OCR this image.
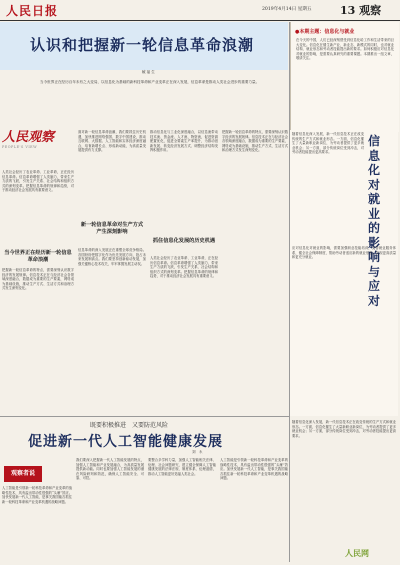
人民日报	2019年4月14日 星期五	13 观察
认识和把握新一轮信息革命浪潮
臧 福 生
当今世界正在经历百年未有之大变局，以信息化为基础的新科技革命和产业变革正在深入发展，信息革命是推动人类社会进步的重要力量。
●本期主题：信息化与就业
在今天的中国，人们已经深刻感受到信息化给工作和生活带来的巨大变化。信息化在催生新产业、新业态、新模式的同时，也对就业结构、就业形态和劳动者技能提出新的要求。如何积极应对信息化对就业的影响，是需要认真研究的重要课题。本期推出一组文章，敬请关注。
人民观察
PEOPLE'S VIEW
人类社会经历了农业革命、工业革命，正在经历信息革命。信息革命增强了人类脑力，带来生产力质的飞跃，引发生产关系、社会结构和组织方式的深刻变革。把握信息革命的规律和趋势，对于推动经济社会发展具有重要意义。
当今世界正在经历新一轮信息革命浪潮
把握新一轮信息革命的特点，需要深刻认识数字经济的发展规律。信息技术正在与经济社会各领域深度融合，数据成为重要的生产要素，网络成为基础设施，推动生产方式、生活方式和治理方式发生深刻变化。
面对新一轮信息革命浪潮，我们要抓住历史机遇，加快推进网络强国、数字中国建设，推动互联网、大数据、人工智能和实体经济深度融合，培育新增长点、形成新动能，为高质量发展提供有力支撑。
新一轮信息革命对生产方式产生深刻影响
信息革命的深入发展正在重塑全球竞争格局。各国纷纷把数字化作为优先发展方向，抢占未来发展制高点。我们要坚持创新驱动发展，加强关键核心技术攻关，牢牢掌握发展主动权。
推动信息化与工业化深度融合，以信息流带动技术流、资金流、人才流、物资流，促进资源配置优化，促进全要素生产率提升，为推动创新发展、转变经济发展方式、调整经济结构发挥积极作用。
抓住信息化发展的历史机遇
人类社会经历了农业革命、工业革命，正在经历信息革命。信息革命增强了人类脑力，带来生产力质的飞跃，引发生产关系、社会结构和组织方式的深刻变革。把握信息革命的规律和趋势，对于推动经济社会发展具有重要意义。
把握新一轮信息革命的特点，需要深刻认识数字经济的发展规律。信息技术正在与经济社会各领域深度融合，数据成为重要的生产要素，网络成为基础设施，推动生产方式、生活方式和治理方式发生深刻变化。
随着信息化深入发展，新一代信息技术正在改变传统的生产方式和就业形态。一方面，信息化催生了大量新职业新岗位，为劳动者提供了更多就业机会；另一方面，部分传统岗位受到冲击，对劳动者技能提出更高要求。
信息化对就业的影响与应对
应对信息化对就业的影响，需要加强职业技能培训，完善就业服务体系，健全社会保障制度，帮助劳动者适应新的就业形态，实现更高质量和更充分就业。
既要积极推进　又要防范风险
促进新一代人工智能健康发展
刘　永
观察者说
人工智能是引领新一轮科技革命和产业变革的战略性技术，具有溢出带动性很强的“头雁”效应。加快发展新一代人工智能，是事关我国能否抓住新一轮科技革命和产业变革机遇的战略问题。
我们要深入把握新一代人工智能发展的特点，加强人工智能和产业发展融合，为高质量发展提供新动能。同时也要加强人工智能发展的潜在风险研判和防范，确保人工智能安全、可靠、可控。
要整合多学科力量，加强人工智能相关法律、伦理、社会问题研究，建立健全保障人工智能健康发展的法律法规、制度体系、伦理道德，推动人工智能更好造福人类社会。
人工智能是引领新一轮科技革命和产业变革的战略性技术，具有溢出带动性很强的“头雁”效应。加快发展新一代人工智能，是事关我国能否抓住新一轮科技革命和产业变革机遇的战略问题。
随着信息化深入发展，新一代信息技术正在改变传统的生产方式和就业形态。一方面，信息化催生了大量新职业新岗位，为劳动者提供了更多就业机会；另一方面，部分传统岗位受到冲击，对劳动者技能提出更高要求。
人民网
